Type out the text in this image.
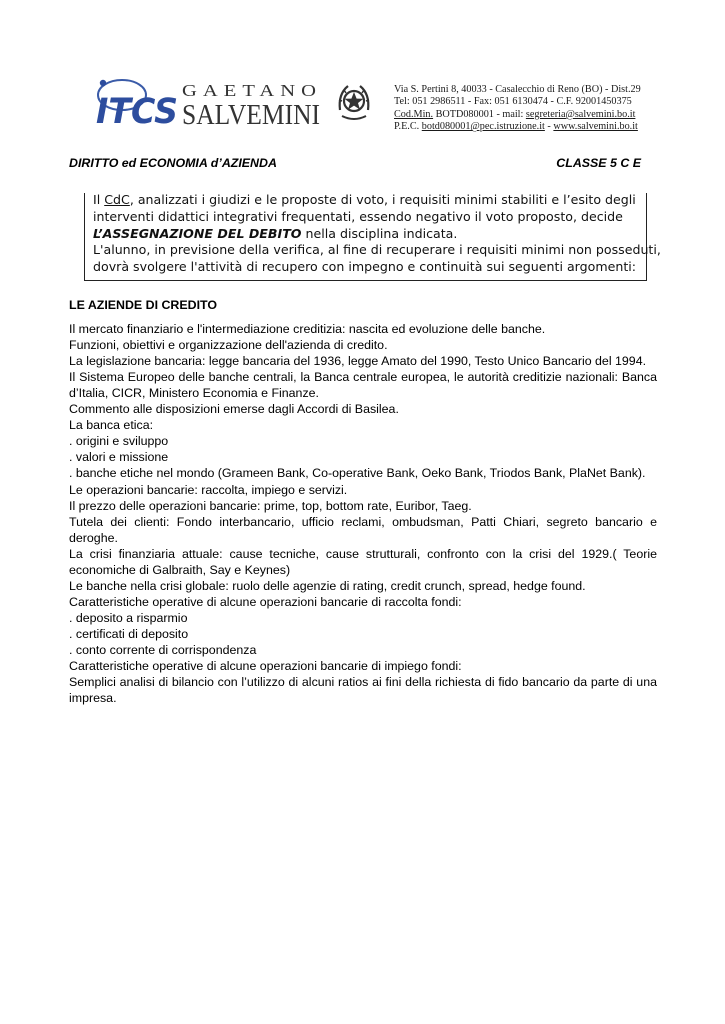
ITCS
GAETANO
SALVEMINI
Via S. Pertini 8, 40033 - Casalecchio di Reno (BO) - Dist.29
Tel: 051 2986511 - Fax: 051 6130474 - C.F. 92001450375
Cod.Min. BOTD080001 - mail: segreteria@salvemini.bo.it
P.E.C. botd080001@pec.istruzione.it - www.salvemini.bo.it
DIRITTO ed ECONOMIA d’AZIENDA	CLASSE 5 C E
Il CdC, analizzati i giudizi e le proposte di voto, i requisiti minimi stabiliti e l’esito degli
interventi didattici integrativi frequentati, essendo negativo il voto proposto, decide
L’ASSEGNAZIONE DEL DEBITO nella disciplina indicata.
L'alunno, in previsione della verifica, al fine di recuperare i requisiti minimi non posseduti,
dovrà svolgere l'attività di recupero con impegno e continuità sui seguenti argomenti:
LE AZIENDE DI CREDITO

Il mercato finanziario e l'intermediazione creditizia: nascita ed evoluzione delle banche.

Funzioni, obiettivi e organizzazione dell'azienda di credito.

La legislazione bancaria: legge bancaria del 1936, legge Amato del 1990, Testo Unico Bancario del 1994.

Il Sistema Europeo delle banche centrali, la Banca centrale europea, le autorità creditizie nazionali: Banca d’Italia, CICR, Ministero Economia e Finanze.

Commento alle disposizioni emerse dagli Accordi di Basilea.

La banca etica:

. origini e sviluppo

. valori e missione

. banche etiche nel mondo (Grameen Bank, Co-operative Bank, Oeko Bank, Triodos Bank, PlaNet Bank).

Le operazioni bancarie: raccolta, impiego e servizi.

Il prezzo delle operazioni bancarie: prime, top, bottom rate, Euribor, Taeg.

Tutela dei clienti: Fondo interbancario, ufficio reclami, ombudsman, Patti Chiari, segreto bancario e deroghe.

La crisi finanziaria attuale: cause tecniche, cause strutturali, confronto con la crisi del 1929.( Teorie economiche di Galbraith, Say e Keynes)

Le banche nella crisi globale: ruolo delle agenzie di rating, credit crunch, spread, hedge found.

Caratteristiche operative di alcune operazioni bancarie di raccolta fondi:

. deposito a risparmio

. certificati di deposito

. conto corrente di corrispondenza

Caratteristiche operative di alcune operazioni bancarie di impiego fondi:

Semplici analisi di bilancio con l’utilizzo di alcuni ratios ai fini della richiesta di fido bancario da parte di una impresa.
